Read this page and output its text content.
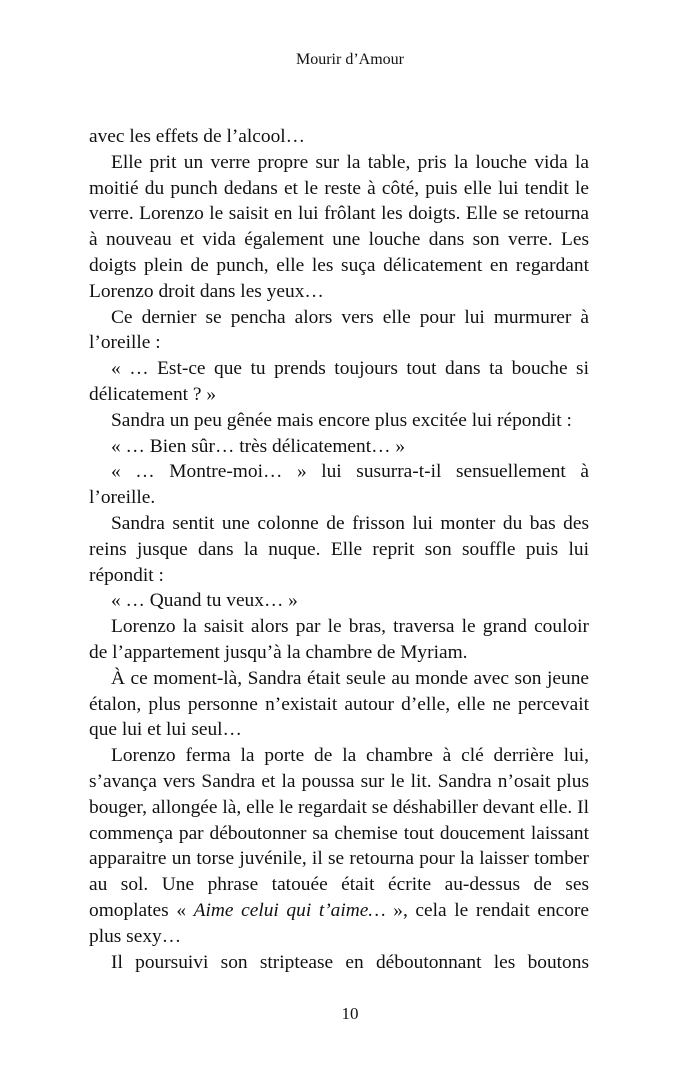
Mourir d’Amour

avec les effets de l’alcool…

Elle prit un verre propre sur la table, pris la louche vida la moitié du punch dedans et le reste à côté, puis elle lui tendit le verre. Lorenzo le saisit en lui frôlant les doigts. Elle se retourna à nouveau et vida également une louche dans son verre. Les doigts plein de punch, elle les suça délicatement en regardant Lorenzo droit dans les yeux…

Ce dernier se pencha alors vers elle pour lui murmurer à l’oreille :

« … Est-ce que tu prends toujours tout dans ta bouche si délicatement ? »

Sandra un peu gênée mais encore plus excitée lui répondit :

« … Bien sûr… très délicatement… »

« … Montre-moi… » lui susurra-t-il sensuellement à l’oreille.

Sandra sentit une colonne de frisson lui monter du bas des reins jusque dans la nuque. Elle reprit son souffle puis lui répondit :

« … Quand tu veux… »

Lorenzo la saisit alors par le bras, traversa le grand couloir de l’appartement jusqu’à la chambre de Myriam.

À ce moment-là, Sandra était seule au monde avec son jeune étalon, plus personne n’existait autour d’elle, elle ne percevait que lui et lui seul…

Lorenzo ferma la porte de la chambre à clé derrière lui, s’avança vers Sandra et la poussa sur le lit. Sandra n’osait plus bouger, allongée là, elle le regardait se déshabiller devant elle. Il commença par déboutonner sa chemise tout doucement laissant apparaitre un torse juvénile, il se retourna pour la laisser tomber au sol. Une phrase tatouée était écrite au-dessus de ses omoplates « Aime celui qui t’aime… », cela le rendait encore plus sexy…

Il poursuivi son striptease en déboutonnant les boutons

10
